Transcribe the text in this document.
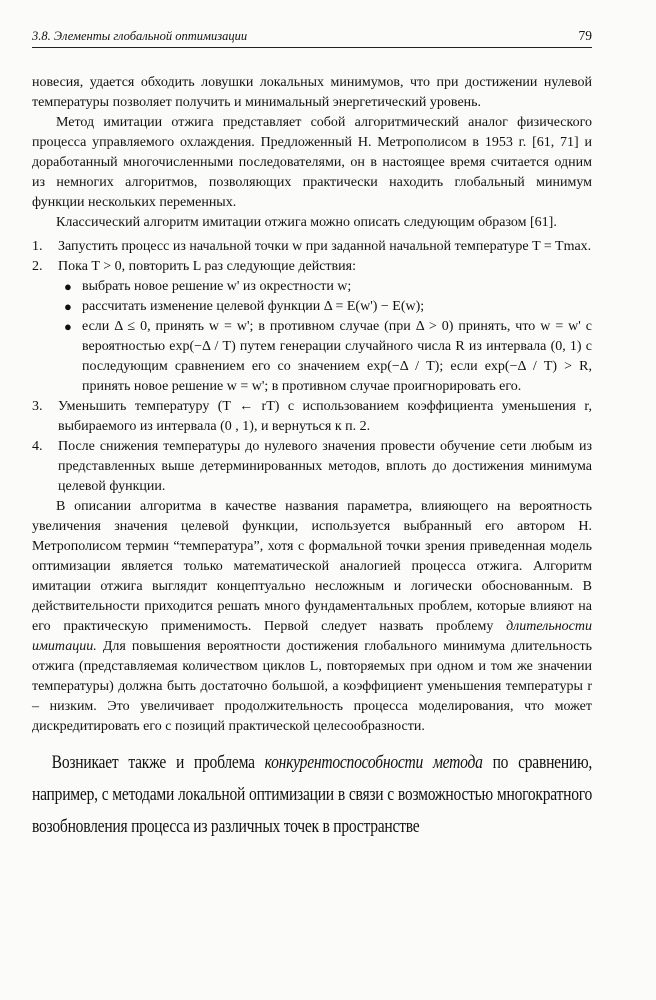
3.8. Элементы глобальной оптимизации	79

новесия, удается обходить ловушки локальных минимумов, что при достижении нулевой температуры позволяет получить и минимальный энергетический уровень.

Метод имитации отжига представляет собой алгоритмический аналог физического процесса управляемого охлаждения. Предложенный Н. Метрополисом в 1953 г. [61, 71] и доработанный многочисленными последователями, он в настоящее время считается одним из немногих алгоритмов, позволяющих практически находить глобальный минимум функции нескольких переменных.

Классический алгоритм имитации отжига можно описать следующим образом [61].

1. Запустить процесс из начальной точки w при заданной начальной температуре T = Tmax.
2. Пока T > 0, повторить L раз следующие действия:
● выбрать новое решение w' из окрестности w;
● рассчитать изменение целевой функции Δ = E(w') − E(w);
● если Δ ≤ 0, принять w = w'; в противном случае (при Δ > 0) принять, что w = w' с вероятностью exp(−Δ / T) путем генерации случайного числа R из интервала (0, 1) с последующим сравнением его со значением exp(−Δ / T); если exp(−Δ / T) > R, принять новое решение w = w'; в противном случае проигнорировать его.
3. Уменьшить температуру (T ← rT) с использованием коэффициента уменьшения r, выбираемого из интервала (0 , 1), и вернуться к п. 2.
4. После снижения температуры до нулевого значения провести обучение сети любым из представленных выше детерминированных методов, вплоть до достижения минимума целевой функции.

В описании алгоритма в качестве названия параметра, влияющего на вероятность увеличения значения целевой функции, используется выбранный его автором Н. Метрополисом термин “температура”, хотя с формальной точки зрения приведенная модель оптимизации является только математической аналогией процесса отжига. Алгоритм имитации отжига выглядит концептуально несложным и логически обоснованным. В действительности приходится решать много фундаментальных проблем, которые влияют на его практическую применимость. Первой следует назвать проблему длительности имитации. Для повышения вероятности достижения глобального минимума длительность отжига (представляемая количеством циклов L, повторяемых при одном и том же значении температуры) должна быть достаточно большой, а коэффициент уменьшения температуры r – низким. Это увеличивает продолжительность процесса моделирования, что может дискредитировать его с позиций практической целесообразности.

Возникает также и проблема конкурентоспособности метода по сравнению, например, с методами локальной оптимизации в связи с возможностью многократного возобновления процесса из различных точек в пространстве
